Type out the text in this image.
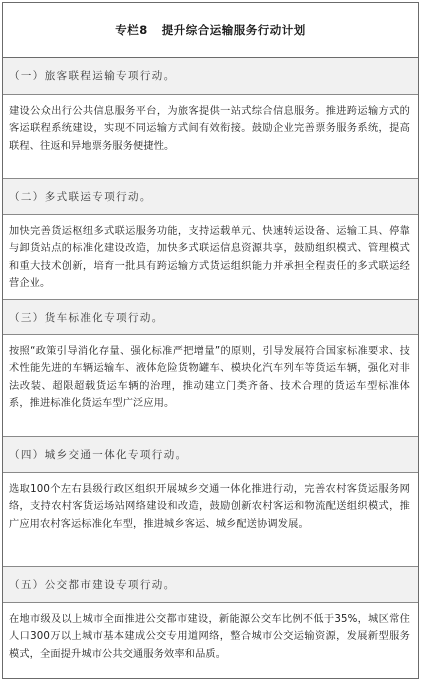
专栏8 提升综合运输服务行动计划
（一）旅客联程运输专项行动。
建设公众出行公共信息服务平台，为旅客提供一站式综合信息服务。推进跨运输方式的客运联程系统建设，实现不同运输方式间有效衔接。鼓励企业完善票务服务系统，提高联程、往返和异地票务服务便捷性。
（二）多式联运专项行动。
加快完善货运枢纽多式联运服务功能，支持运载单元、快速转运设备、运输工具、停靠与卸货站点的标准化建设改造，加快多式联运信息资源共享，鼓励组织模式、管理模式和重大技术创新，培育一批具有跨运输方式货运组织能力并承担全程责任的多式联运经营企业。
（三）货车标准化专项行动。
按照“政策引导消化存量、强化标准严把增量”的原则，引导发展符合国家标准要求、技术性能先进的车辆运输车、液体危险货物罐车、模块化汽车列车等货运车辆，强化对非法改装、超限超载货运车辆的治理，推动建立门类齐备、技术合理的货运车型标准体系，推进标准化货运车型广泛应用。
（四）城乡交通一体化专项行动。
选取100个左右县级行政区组织开展城乡交通一体化推进行动，完善农村客货运服务网络，支持农村客货运场站网络建设和改造，鼓励创新农村客运和物流配送组织模式，推广应用农村客运标准化车型，推进城乡客运、城乡配送协调发展。
（五）公交都市建设专项行动。
在地市级及以上城市全面推进公交都市建设，新能源公交车比例不低于35%，城区常住人口300万以上城市基本建成公交专用道网络，整合城市公交运输资源，发展新型服务模式，全面提升城市公共交通服务效率和品质。
